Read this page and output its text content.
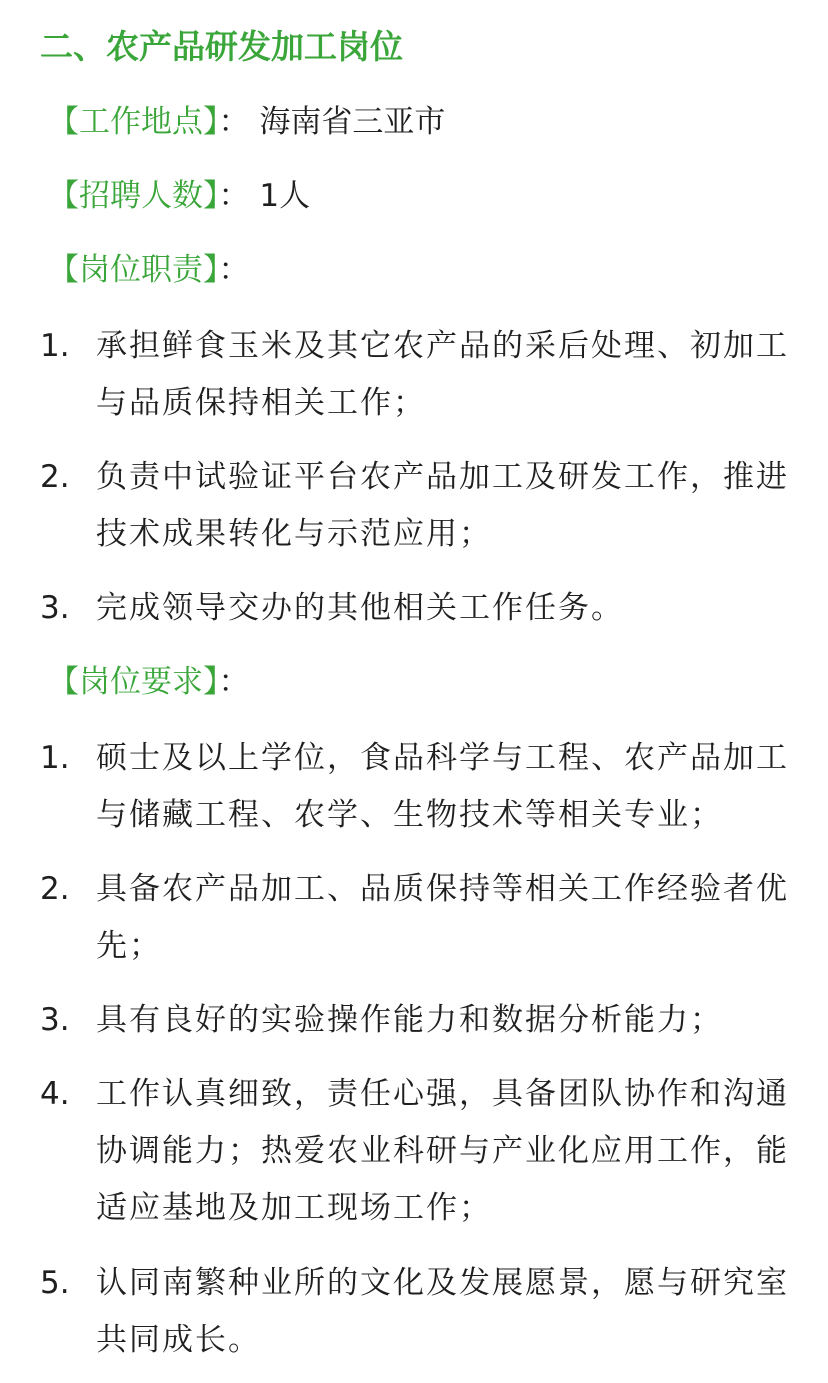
二、农产品研发加工岗位
【工作地点】： 海南省三亚市
【招聘人数】： 1人
【岗位职责】：
1. 承担鲜食玉米及其它农产品的采后处理、初加工与品质保持相关工作；
2. 负责中试验证平台农产品加工及研发工作，推进技术成果转化与示范应用；
3. 完成领导交办的其他相关工作任务。
【岗位要求】：
1. 硕士及以上学位，食品科学与工程、农产品加工与储藏工程、农学、生物技术等相关专业；
2. 具备农产品加工、品质保持等相关工作经验者优先；
3. 具有良好的实验操作能力和数据分析能力；
4. 工作认真细致，责任心强，具备团队协作和沟通协调能力；热爱农业科研与产业化应用工作，能适应基地及加工现场工作；
5. 认同南繁种业所的文化及发展愿景，愿与研究室共同成长。
